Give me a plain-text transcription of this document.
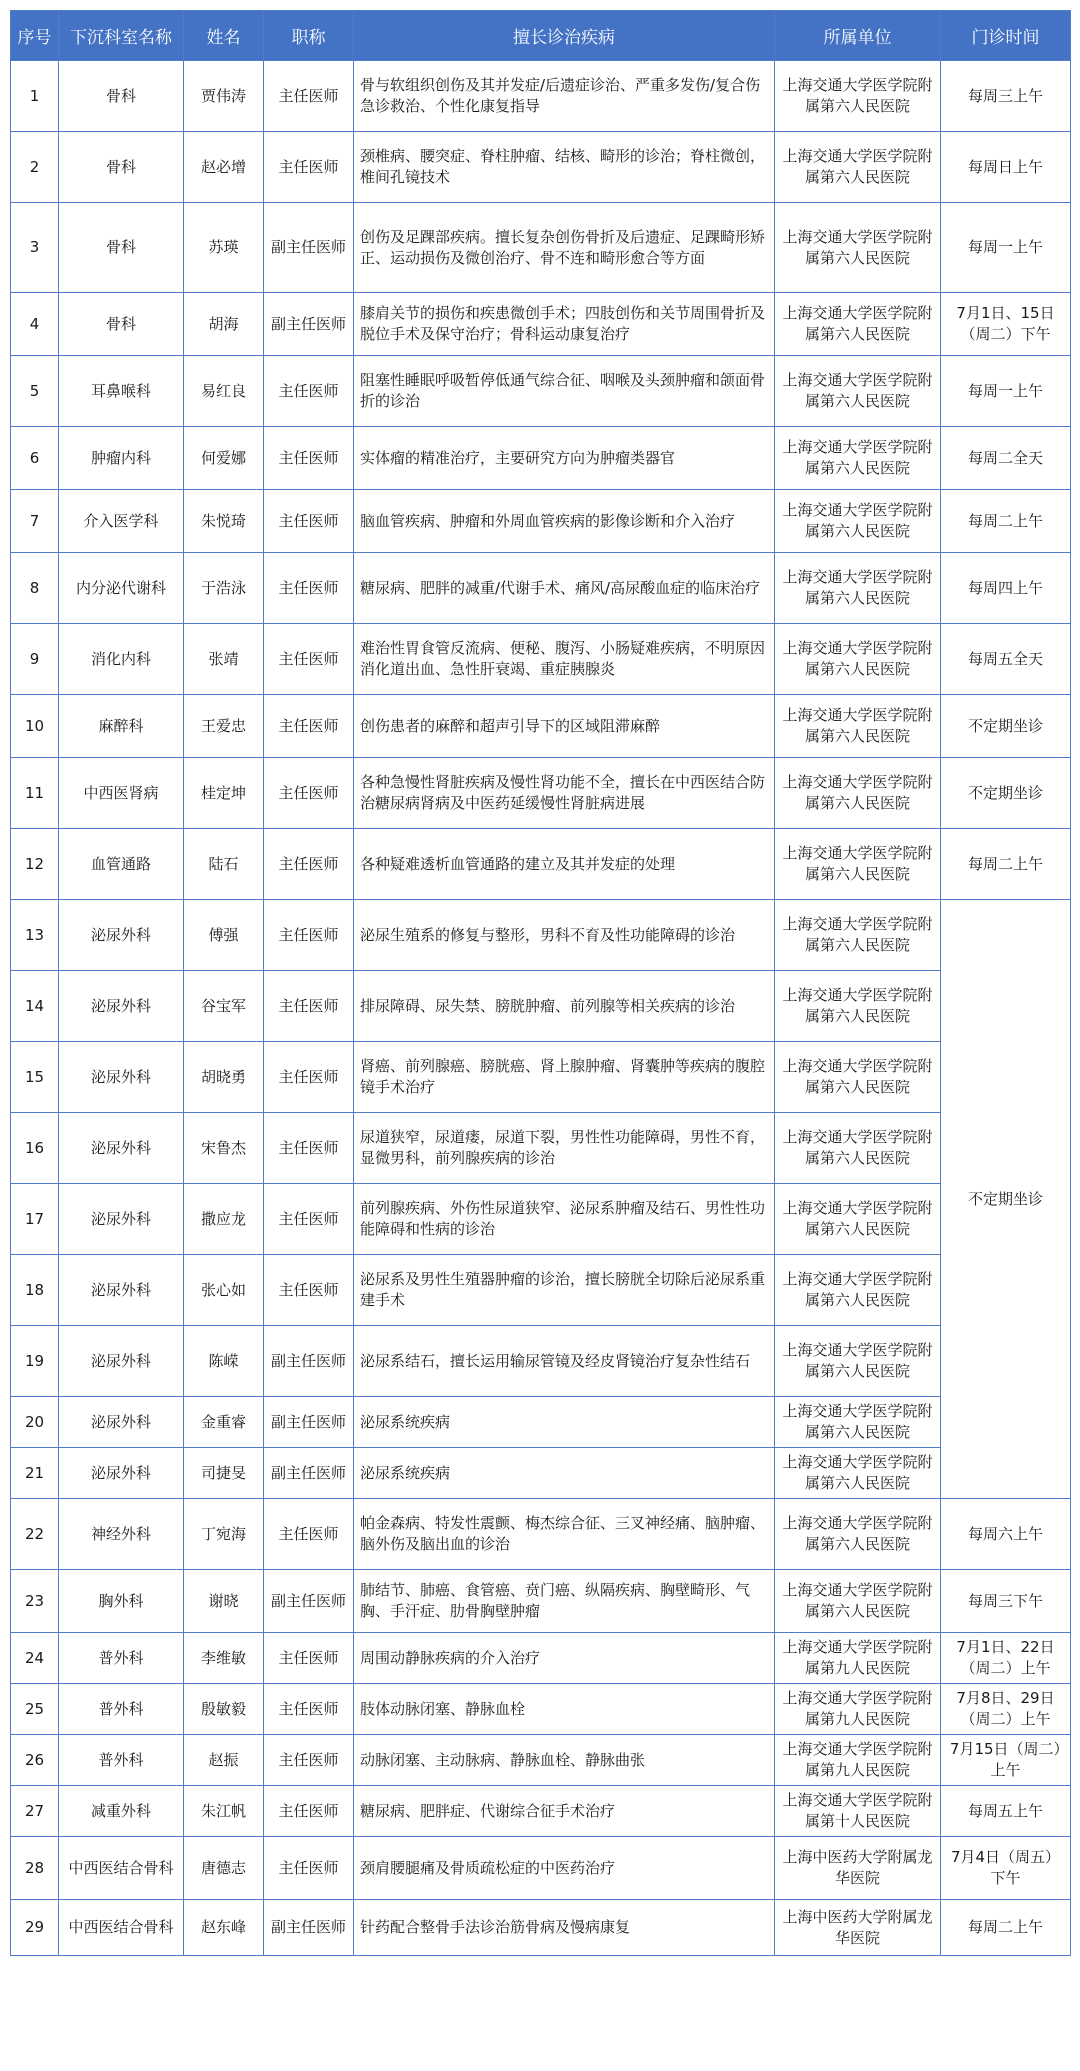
序号	下沉科室名称	姓名	职称	擅长诊治疾病	所属单位	门诊时间
1	骨科	贾伟涛	主任医师	骨与软组织创伤及其并发症/后遗症诊治、严重多发伤/复合伤急诊救治、个性化康复指导	上海交通大学医学院附属第六人民医院	每周三上午
2	骨科	赵必增	主任医师	颈椎病、腰突症、脊柱肿瘤、结核、畸形的诊治；脊柱微创，椎间孔镜技术	上海交通大学医学院附属第六人民医院	每周日上午
3	骨科	苏瑛	副主任医师	创伤及足踝部疾病。擅长复杂创伤骨折及后遗症、足踝畸形矫正、运动损伤及微创治疗、骨不连和畸形愈合等方面	上海交通大学医学院附属第六人民医院	每周一上午
4	骨科	胡海	副主任医师	膝肩关节的损伤和疾患微创手术；四肢创伤和关节周围骨折及脱位手术及保守治疗；骨科运动康复治疗	上海交通大学医学院附属第六人民医院	7月1日、15日（周二）下午
5	耳鼻喉科	易红良	主任医师	阻塞性睡眠呼吸暂停低通气综合征、咽喉及头颈肿瘤和颌面骨折的诊治	上海交通大学医学院附属第六人民医院	每周一上午
6	肿瘤内科	何爱娜	主任医师	实体瘤的精准治疗，主要研究方向为肿瘤类器官	上海交通大学医学院附属第六人民医院	每周二全天
7	介入医学科	朱悦琦	主任医师	脑血管疾病、肿瘤和外周血管疾病的影像诊断和介入治疗	上海交通大学医学院附属第六人民医院	每周二上午
8	内分泌代谢科	于浩泳	主任医师	糖尿病、肥胖的减重/代谢手术、痛风/高尿酸血症的临床治疗	上海交通大学医学院附属第六人民医院	每周四上午
9	消化内科	张靖	主任医师	难治性胃食管反流病、便秘、腹泻、小肠疑难疾病，不明原因消化道出血、急性肝衰竭、重症胰腺炎	上海交通大学医学院附属第六人民医院	每周五全天
10	麻醉科	王爱忠	主任医师	创伤患者的麻醉和超声引导下的区域阻滞麻醉	上海交通大学医学院附属第六人民医院	不定期坐诊
11	中西医肾病	桂定坤	主任医师	各种急慢性肾脏疾病及慢性肾功能不全，擅长在中西医结合防治糖尿病肾病及中医药延缓慢性肾脏病进展	上海交通大学医学院附属第六人民医院	不定期坐诊
12	血管通路	陆石	主任医师	各种疑难透析血管通路的建立及其并发症的处理	上海交通大学医学院附属第六人民医院	每周二上午
13	泌尿外科	傅强	主任医师	泌尿生殖系的修复与整形，男科不育及性功能障碍的诊治	上海交通大学医学院附属第六人民医院	不定期坐诊
14	泌尿外科	谷宝军	主任医师	排尿障碍、尿失禁、膀胱肿瘤、前列腺等相关疾病的诊治	上海交通大学医学院附属第六人民医院	
15	泌尿外科	胡晓勇	主任医师	肾癌、前列腺癌、膀胱癌、肾上腺肿瘤、肾囊肿等疾病的腹腔镜手术治疗	上海交通大学医学院附属第六人民医院	
16	泌尿外科	宋鲁杰	主任医师	尿道狭窄，尿道瘘，尿道下裂，男性性功能障碍，男性不育，显微男科，前列腺疾病的诊治	上海交通大学医学院附属第六人民医院	
17	泌尿外科	撒应龙	主任医师	前列腺疾病、外伤性尿道狭窄、泌尿系肿瘤及结石、男性性功能障碍和性病的诊治	上海交通大学医学院附属第六人民医院	
18	泌尿外科	张心如	主任医师	泌尿系及男性生殖器肿瘤的诊治，擅长膀胱全切除后泌尿系重建手术	上海交通大学医学院附属第六人民医院	
19	泌尿外科	陈嵘	副主任医师	泌尿系结石，擅长运用输尿管镜及经皮肾镜治疗复杂性结石	上海交通大学医学院附属第六人民医院	
20	泌尿外科	金重睿	副主任医师	泌尿系统疾病	上海交通大学医学院附属第六人民医院	
21	泌尿外科	司捷旻	副主任医师	泌尿系统疾病	上海交通大学医学院附属第六人民医院	
22	神经外科	丁宛海	主任医师	帕金森病、特发性震颤、梅杰综合征、三叉神经痛、脑肿瘤、脑外伤及脑出血的诊治	上海交通大学医学院附属第六人民医院	每周六上午
23	胸外科	谢晓	副主任医师	肺结节、肺癌、食管癌、贲门癌、纵隔疾病、胸壁畸形、气胸、手汗症、肋骨胸壁肿瘤	上海交通大学医学院附属第六人民医院	每周三下午
24	普外科	李维敏	主任医师	周围动静脉疾病的介入治疗	上海交通大学医学院附属第九人民医院	7月1日、22日（周二）上午
25	普外科	殷敏毅	主任医师	肢体动脉闭塞、静脉血栓	上海交通大学医学院附属第九人民医院	7月8日、29日（周二）上午
26	普外科	赵振	主任医师	动脉闭塞、主动脉病、静脉血栓、静脉曲张	上海交通大学医学院附属第九人民医院	7月15日（周二）上午
27	减重外科	朱江帆	主任医师	糖尿病、肥胖症、代谢综合征手术治疗	上海交通大学医学院附属第十人民医院	每周五上午
28	中西医结合骨科	唐德志	主任医师	颈肩腰腿痛及骨质疏松症的中医药治疗	上海中医药大学附属龙华医院	7月4日（周五）下午
29	中西医结合骨科	赵东峰	副主任医师	针药配合整骨手法诊治筋骨病及慢病康复	上海中医药大学附属龙华医院	每周二上午
